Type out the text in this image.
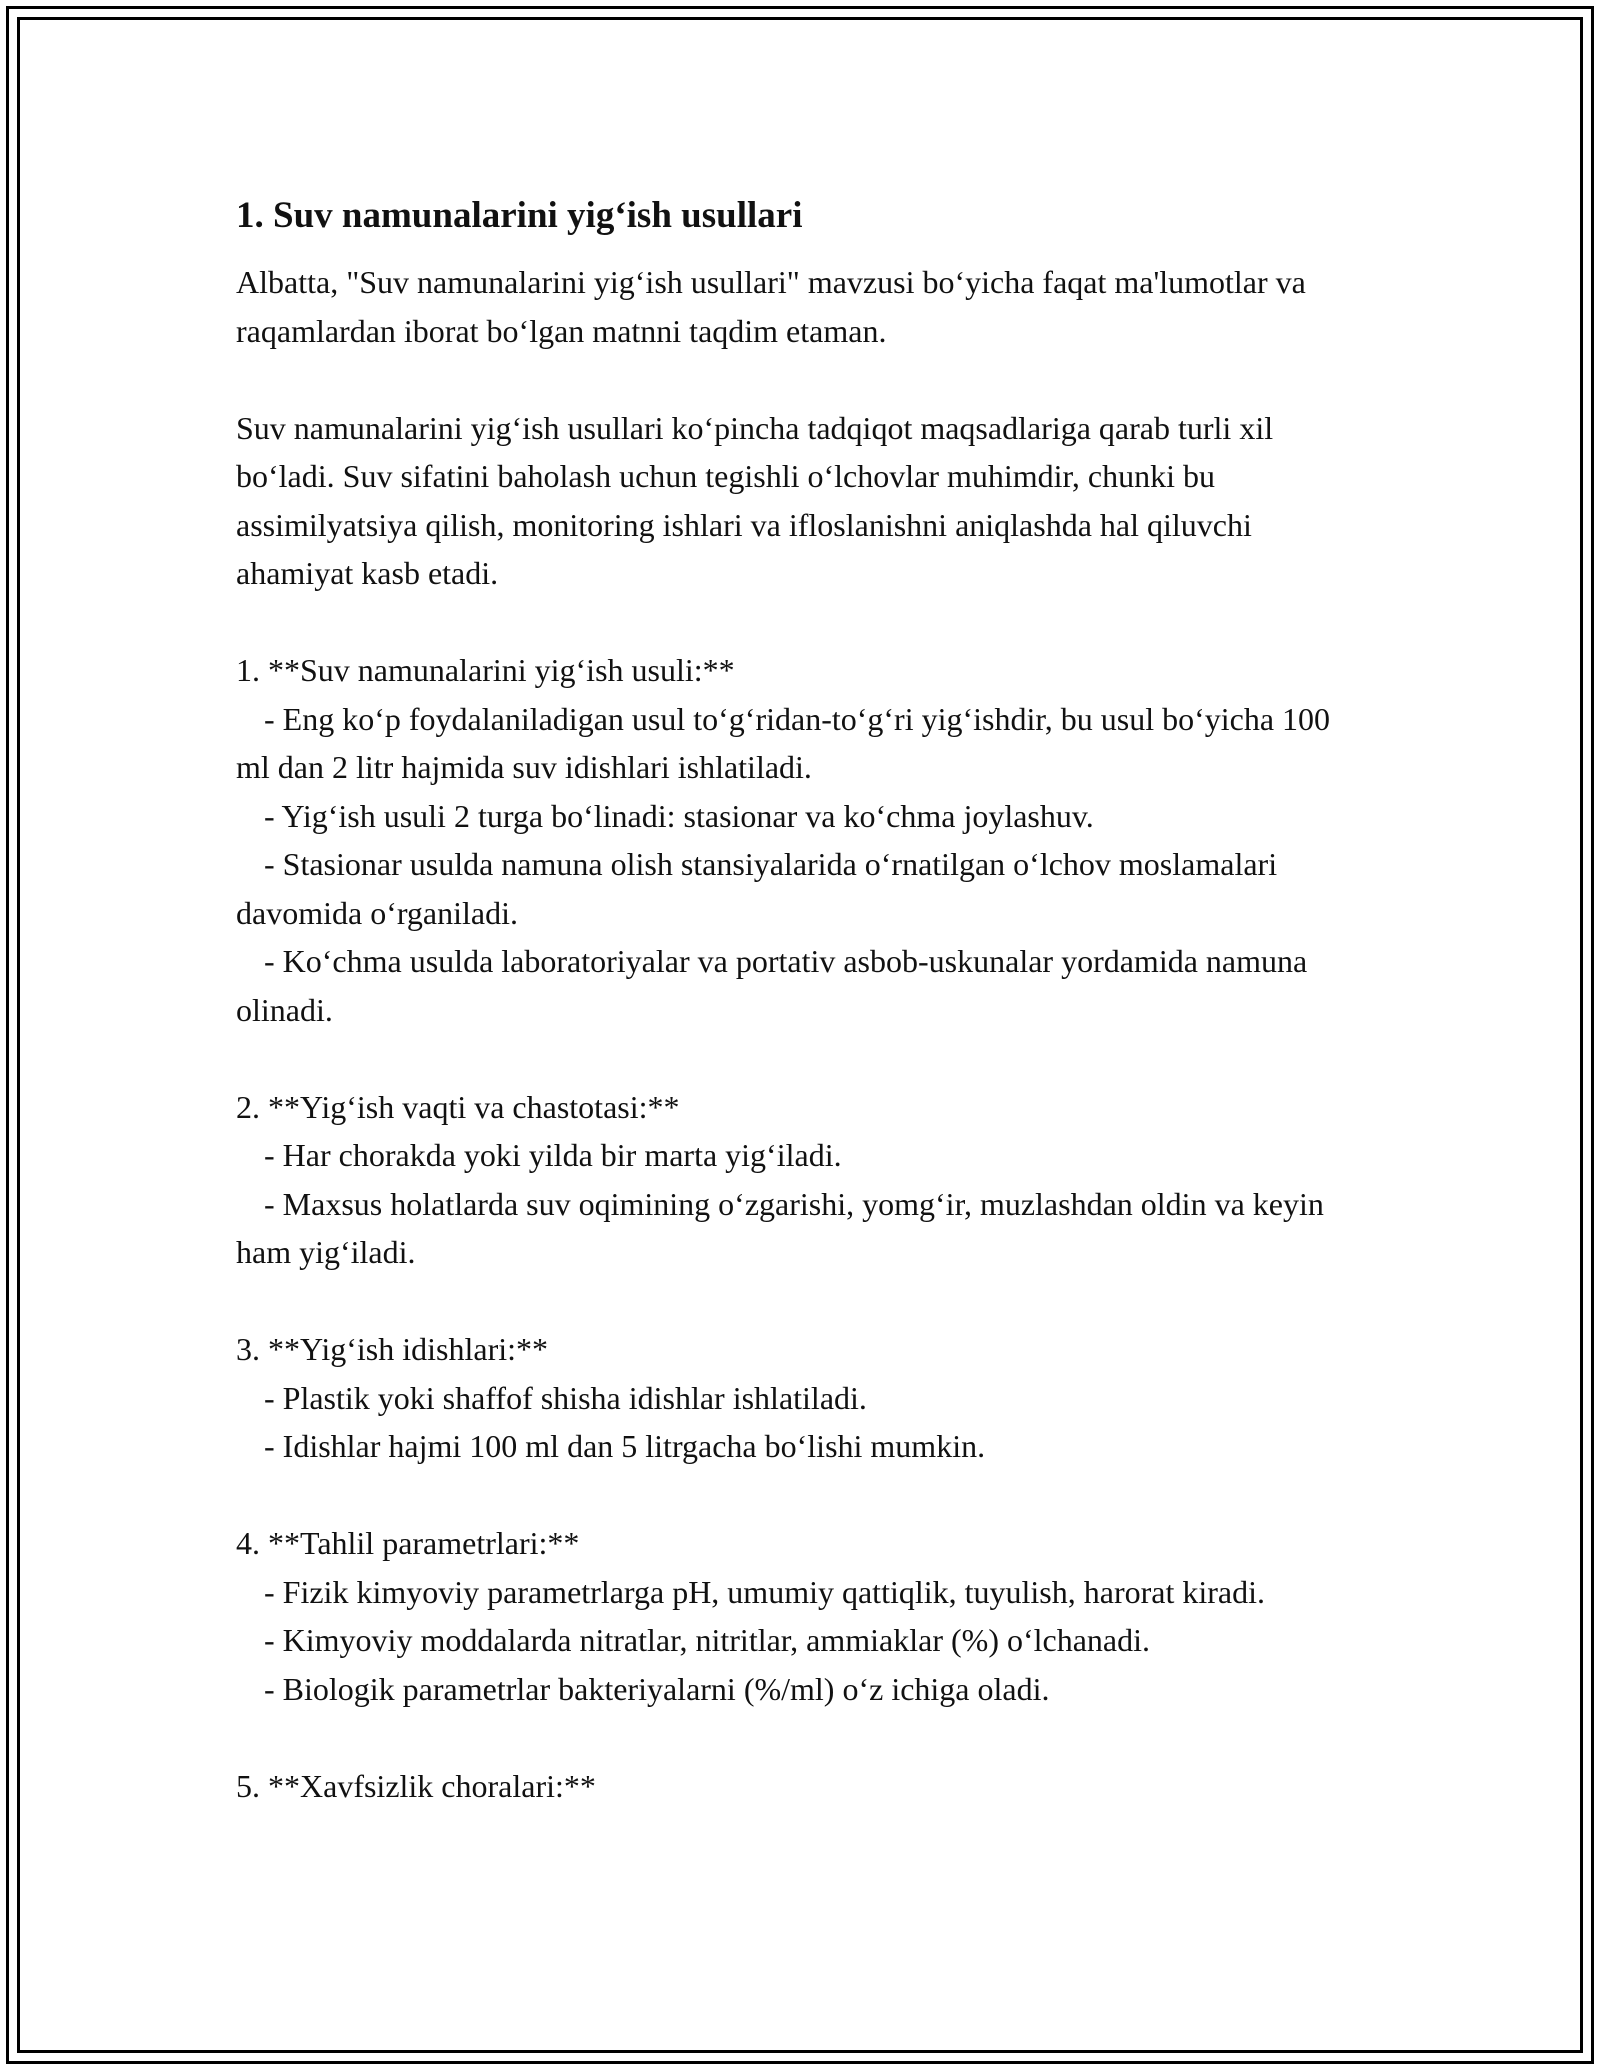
1. Suv namunalarini yig‘ish usullari

Albatta, "Suv namunalarini yig‘ish usullari" mavzusi bo‘yicha faqat ma'lumotlar va raqamlardan iborat bo‘lgan matnni taqdim etaman.

Suv namunalarini yig‘ish usullari ko‘pincha tadqiqot maqsadlariga qarab turli xil bo‘ladi. Suv sifatini baholash uchun tegishli o‘lchovlar muhimdir, chunki bu assimilyatsiya qilish, monitoring ishlari va ifloslanishni aniqlashda hal qiluvchi ahamiyat kasb etadi.

1. **Suv namunalarini yig‘ish usuli:**

- Eng ko‘p foydalaniladigan usul to‘g‘ridan-to‘g‘ri yig‘ishdir, bu usul bo‘yicha 100 ml dan 2 litr hajmida suv idishlari ishlatiladi.

- Yig‘ish usuli 2 turga bo‘linadi: stasionar va ko‘chma joylashuv.

- Stasionar usulda namuna olish stansiyalarida o‘rnatilgan o‘lchov moslamalari davomida o‘rganiladi.

- Ko‘chma usulda laboratoriyalar va portativ asbob-uskunalar yordamida namuna olinadi.

2. **Yig‘ish vaqti va chastotasi:**

- Har chorakda yoki yilda bir marta yig‘iladi.

- Maxsus holatlarda suv oqimining o‘zgarishi, yomg‘ir, muzlashdan oldin va keyin ham yig‘iladi.

3. **Yig‘ish idishlari:**

- Plastik yoki shaffof shisha idishlar ishlatiladi.

- Idishlar hajmi 100 ml dan 5 litrgacha bo‘lishi mumkin.

4. **Tahlil parametrlari:**

- Fizik kimyoviy parametrlarga pH, umumiy qattiqlik, tuyulish, harorat kiradi.

- Kimyoviy moddalarda nitratlar, nitritlar, ammiaklar (%) o‘lchanadi.

- Biologik parametrlar bakteriyalarni (%/ml) o‘z ichiga oladi.

5. **Xavfsizlik choralari:**
